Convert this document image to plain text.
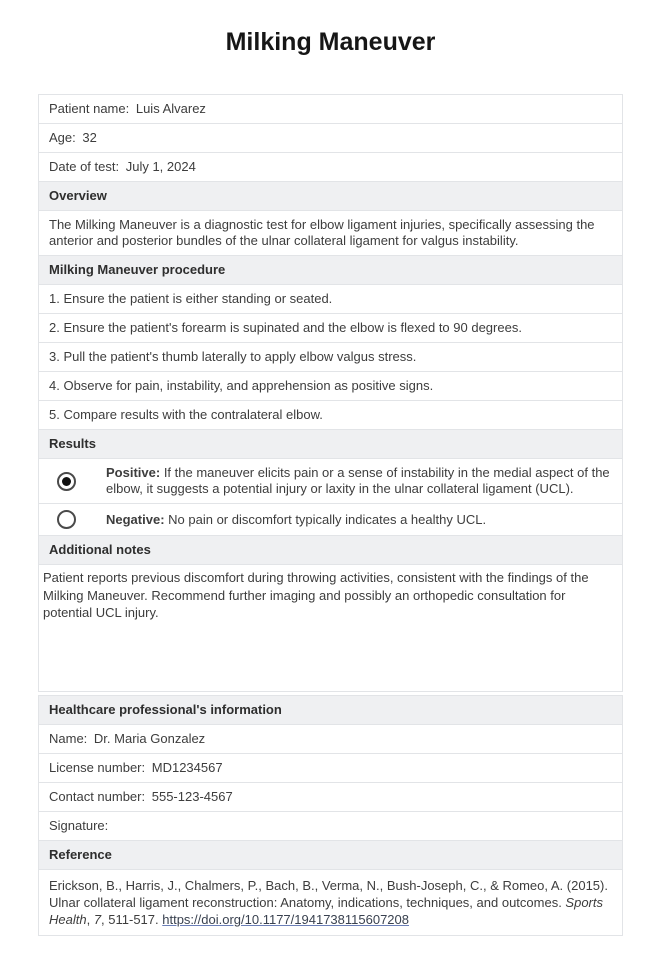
Milking Maneuver
Patient name: Luis Alvarez
Age: 32
Date of test: July 1, 2024
Overview
The Milking Maneuver is a diagnostic test for elbow ligament injuries, specifically assessing the anterior and posterior bundles of the ulnar collateral ligament for valgus instability.
Milking Maneuver procedure
1. Ensure the patient is either standing or seated.
2. Ensure the patient's forearm is supinated and the elbow is flexed to 90 degrees.
3. Pull the patient's thumb laterally to apply elbow valgus stress.
4. Observe for pain, instability, and apprehension as positive signs.
5. Compare results with the contralateral elbow.
Results
Positive: If the maneuver elicits pain or a sense of instability in the medial aspect of the elbow, it suggests a potential injury or laxity in the ulnar collateral ligament (UCL).
Negative: No pain or discomfort typically indicates a healthy UCL.
Additional notes
Patient reports previous discomfort during throwing activities, consistent with the findings of the Milking Maneuver. Recommend further imaging and possibly an orthopedic consultation for potential UCL injury.
Healthcare professional's information
Name: Dr. Maria Gonzalez
License number: MD1234567
Contact number: 555-123-4567
Signature:
Reference
Erickson, B., Harris, J., Chalmers, P., Bach, B., Verma, N., Bush-Joseph, C., & Romeo, A. (2015). Ulnar collateral ligament reconstruction: Anatomy, indications, techniques, and outcomes. Sports Health, 7, 511-517. https://doi.org/10.1177/1941738115607208
